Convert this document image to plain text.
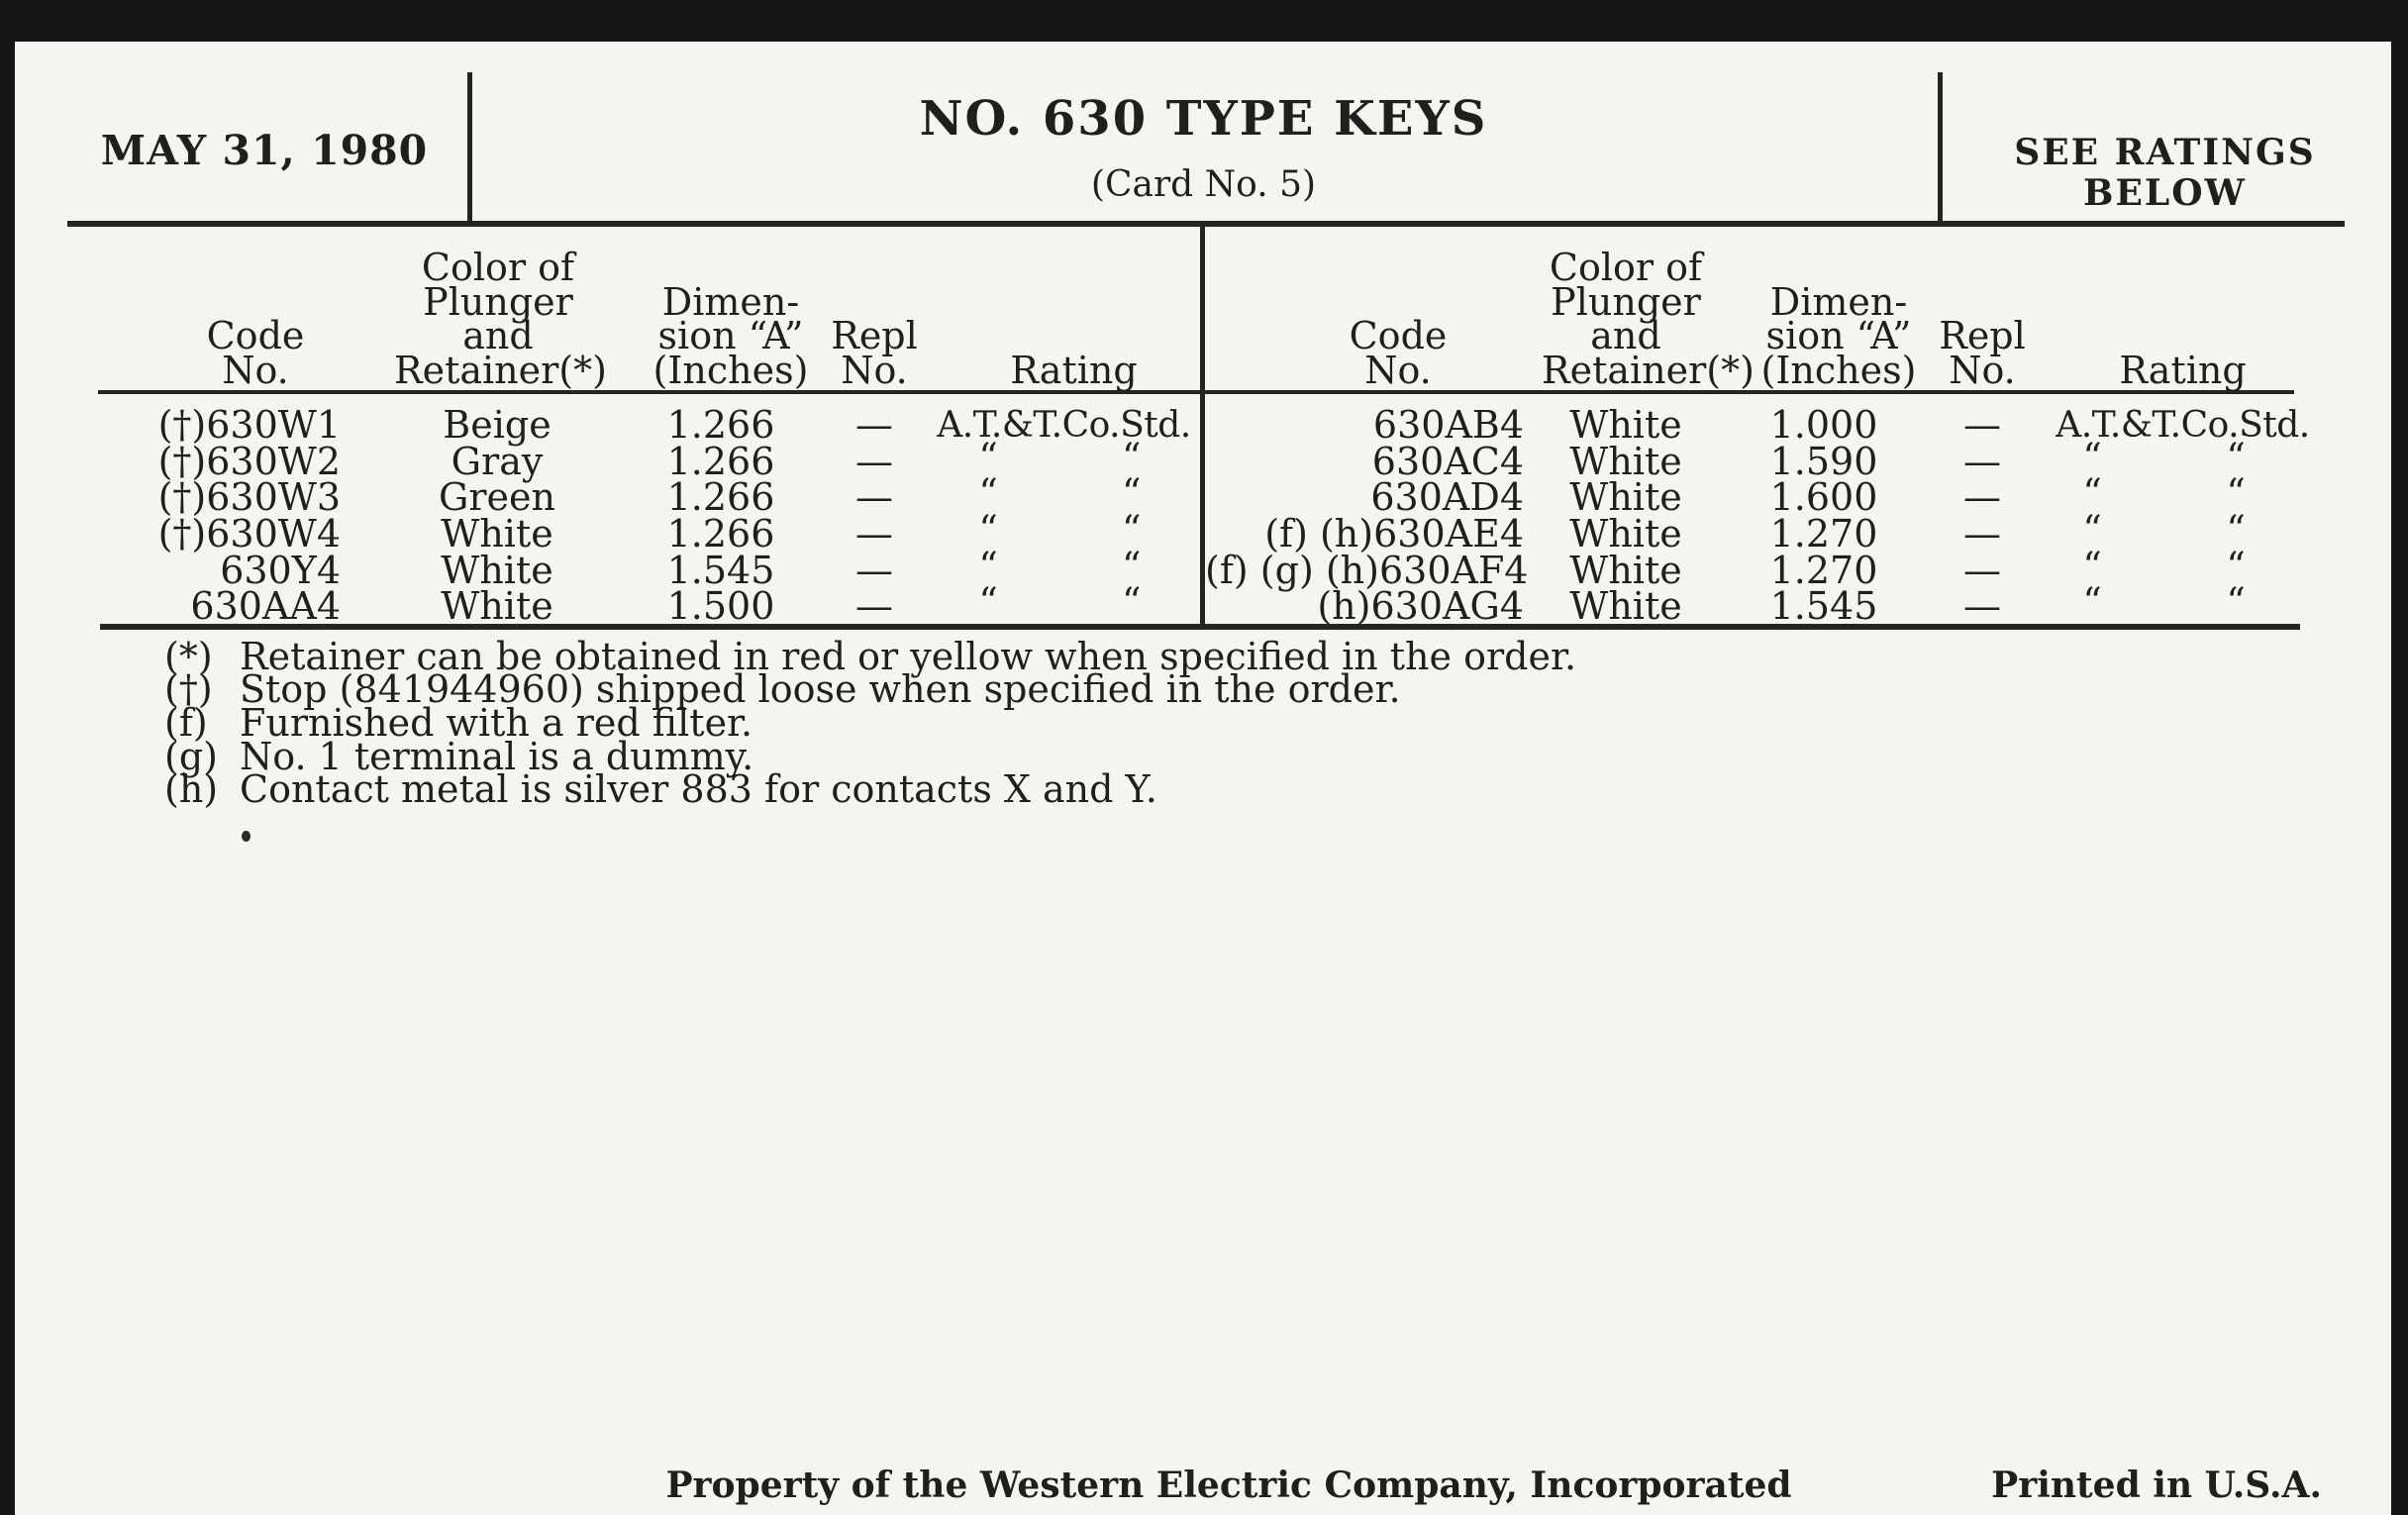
MAY 31, 1980
NO. 630 TYPE KEYS
(Card No. 5)
SEE RATINGS
BELOW
Code
No.
Color of
Plunger
and
Retainer(*)
Dimen-
sion “A”
(Inches)
Repl
No.	Rating
(†)630W1	Beige	1.266	—	A.T.&T.Co.Std.
(†)630W2	Gray	1.266	—	“	“
(†)630W3	Green	1.266	—	“	“
(†)630W4	White	1.266	—	“	“
630Y4	White	1.545	—	“	“
630AA4	White	1.500	—	“	“
Code
No.
Color of
Plunger
and
Retainer(*)
Dimen-
sion “A”
(Inches)
Repl
No.	Rating
630AB4	White	1.000	—	A.T.&T.Co.Std.
630AC4	White	1.590	—	“	“
630AD4	White	1.600	—	“	“
(f) (h)630AE4	White	1.270	—	“	“
(f) (g) (h)630AF4	White	1.270	—	“	“
(h)630AG4	White	1.545	—	“	“
(*) Retainer can be obtained in red or yellow when specified in the order.
(†) Stop (841944960) shipped loose when specified in the order.
(f) Furnished with a red filter.
(g) No. 1 terminal is a dummy.
(h) Contact metal is silver 883 for contacts X and Y.
Property of the Western Electric Company, Incorporated	Printed in U.S.A.
